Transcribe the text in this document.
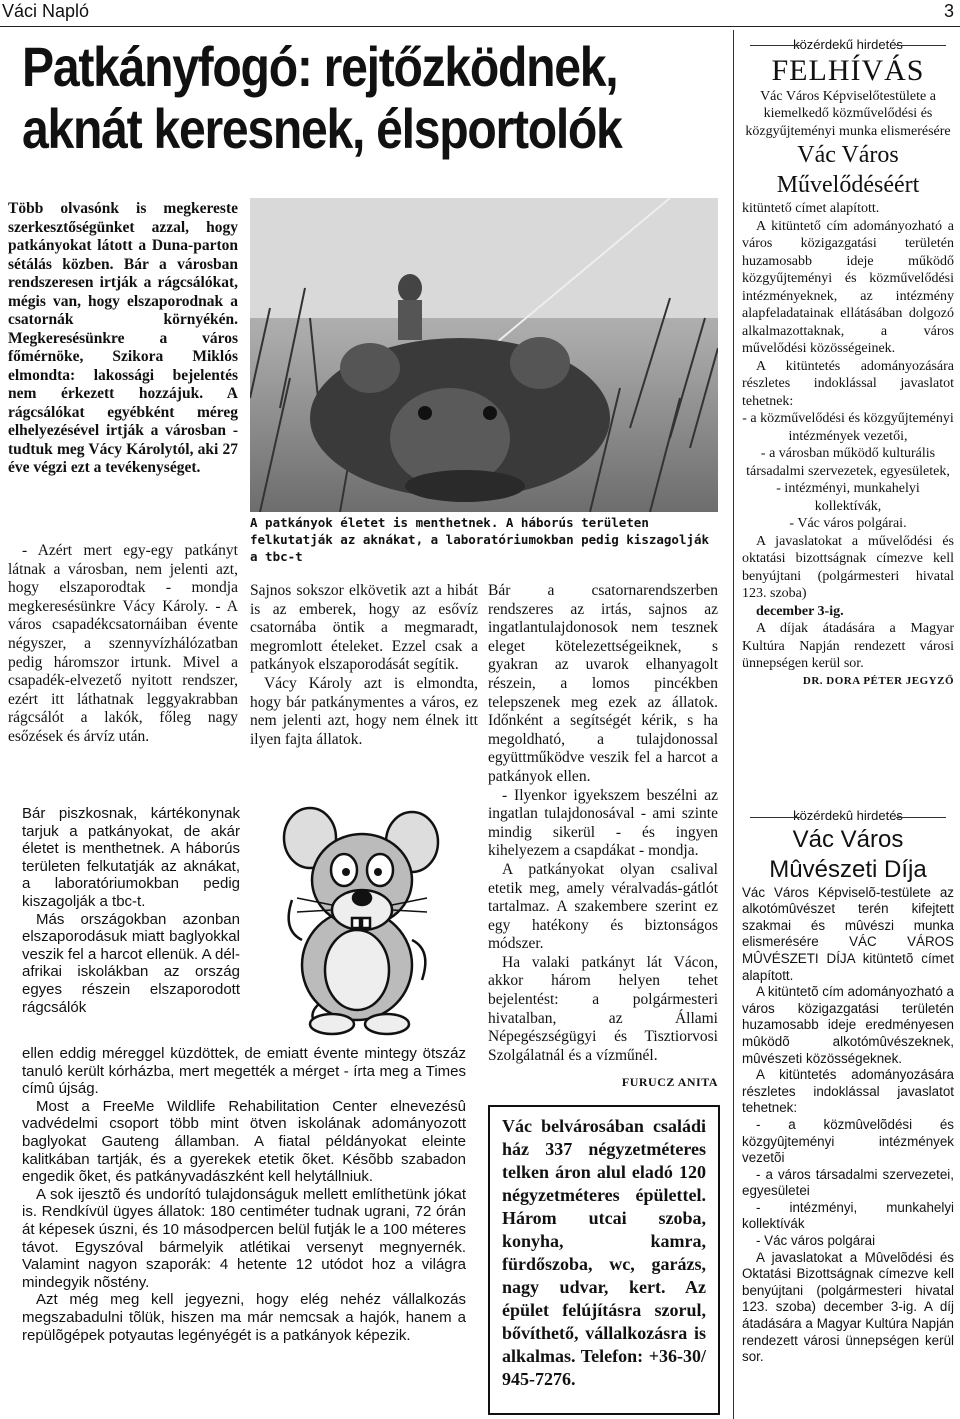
Váci Napló	3
Patkányfogó: rejtőzködnek,
aknát keresnek, élsportolók
Több olvasónk is megkereste szerkesztőségünket azzal, hogy patkányokat látott a Duna-parton sétálás közben. Bár a városban rendszeresen irtják a rágcsálókat, mégis van, hogy elszaporodnak a csatornák környékén. Megkeresésünkre a város főmérnöke, Szikora Miklós elmondta: lakossági bejelentés nem érkezett hozzájuk. A rágcsálókat egyébként méreg elhelyezésével irtják a városban - tudtuk meg Vácy Károlytól, aki 27 éve végzi ezt a tevékenységet.

- Azért mert egy-egy patkányt látnak a városban, nem jelenti azt, hogy elszaporodtak - mondja megkeresésünkre Vácy Károly. - A város csapadékcsatornáiban évente négyszer, a szennyvízhálózatban pedig háromszor irtunk. Mivel a csapadék-elvezető nyitott rendszer, ezért itt láthatnak leggyakrabban rágcsálót a lakók, főleg nagy esőzések és árvíz után.

A patkányok életet is menthetnek. A háborús területen felkutatják az aknákat, a laboratóriumokban pedig kiszagolják a tbc-t

Sajnos sokszor elkövetik azt a hibát is az emberek, hogy az esővíz csatornába öntik a megmaradt, megromlott ételeket. Ezzel csak a patkányok elszaporodását segítik.

Vácy Károly azt is elmondta, hogy bár patkánymentes a város, ez nem jelenti azt, hogy nem élnek itt ilyen fajta állatok.

Bár a csatornarendszerben rendszeres az irtás, sajnos az ingatlantulajdonosok nem tesznek eleget kötelezettségeiknek, s gyakran az uvarok elhanyagolt részein, a lomos pincékben telepszenek meg ezek az állatok. Időnként a segítségét kérik, s ha megoldható, a tulajdonossal együttműködve veszik fel a harcot a patkányok ellen.

- Ilyenkor igyekszem beszélni az ingatlan tulajdonosával - ami szinte mindig sikerül - és ingyen kihelyezem a csapdákat - mondja.

A patkányokat olyan csalival etetik meg, amely véralvadás-gátlót tartalmaz. A szakembere szerint ez egy hatékony és biztonságos módszer.

Ha valaki patkányt lát Vácon, akkor három helyen tehet bejelentést: a polgármesteri hivatalban, az Állami Népegészségügyi és Tisztiorvosi Szolgálatnál és a vízműnél.

FURUCZ ANITA

Bár piszkosnak, kártékonynak tarjuk a patkányokat, de akár életet is menthetnek. A háborús területen felkutatják az aknákat, a laboratóriumokban pedig kiszagolják a tbc-t.

Más országokban azonban elszaporodásuk miatt baglyokkal veszik fel a harcot ellenük. A dél-afrikai iskolákban az ország egyes részein elszaporodott rágcsálók

ellen eddig méreggel küzdöttek, de emiatt évente mintegy ötszáz tanuló került kórházba, mert megették a mérget - írta meg a Times címû újság.

Most a FreeMe Wildlife Rehabilitation Center elnevezésû vadvédelmi csoport több mint ötven iskolának adományozott baglyokat Gauteng államban. A fiatal példányokat eleinte kalitkában tartják, és a gyerekek etetik õket. Késõbb szabadon engedik õket, és patkányvadászként kell helytállniuk.

A sok ijesztõ és undorító tulajdonságuk mellett említhetünk jókat is. Rendkívül ügyes állatok: 180 centiméter tudnak ugrani, 72 órán át képesek úszni, és 10 másodpercen belül futják le a 100 méteres távot. Egyszóval bármelyik atlétikai versenyt megnyernék. Valamint nagyon szaporák: 4 hetente 12 utódot hoz a világra mindegyik nõstény.

Azt még meg kell jegyezni, hogy elég nehéz vállalkozás megszabadulni tõlük, hiszen ma már nemcsak a hajók, hanem a repülõgépek potyautas legényégét is a patkányok képezik.

Vác belvárosában családi ház 337 négyzetméteres telken áron alul eladó 120 négyzetméteres épülettel. Három utcai szoba, konyha, kamra, fürdőszoba, wc, garázs, nagy udvar, kert. Az épület felújításra szorul, bővíthető, vállalkozásra is alkalmas. Telefon: +36-30/ 945-7276.
közérdekű hirdetés

FELHÍVÁS

Vác Város Képviselőtestülete a kiemelkedő közművelődési és közgyűjteményi munka elismerésére

Vác Város

Művelődéséért

kitüntető címet alapított.

A kitüntető cím adományozható a város közigazgatási területén huzamosabb ideje működő közgyűjteményi és közművelődési intézményeknek, az intézmény alapfeladatainak ellátásában dolgozó alkalmazottaknak, a város művelődési közösségeinek.

A kitüntetés adományozására részletes indoklással javaslatot tehetnek:

- a közművelődési és közgyűjteményi intézmények vezetői,

- a városban működő kulturális társadalmi szervezetek, egyesületek,

- intézményi, munkahelyi kollektívák,

- Vác város polgárai.

A javaslatokat a művelődési és oktatási bizottságnak címezve kell benyújtani (polgármesteri hivatal 123. szoba)

december 3-ig.

A díjak átadására a Magyar Kultúra Napján rendezett városi ünnepségen kerül sor.

DR. DORA PÉTER JEGYZŐ

közérdekû hirdetés

Vác Város

Mûvészeti Díja

Vác Város Képviselõ-testülete az alkotómûvészet terén kifejtett szakmai és mûvészi munka elismerésére VÁC VÁROS MÛVÉSZETI DÍJA kitüntetõ címet alapított.

A kitüntetõ cím adományozható a város közigazgatási területén huzamosabb ideje eredményesen mûködõ alkotómûvészeknek, mûvészeti közösségeknek.

A kitüntetés adományozására részletes indoklással javaslatot tehetnek:

- a közmûvelõdési és közgyûjteményi intézmények vezetõi

- a város társadalmi szervezetei, egyesületei

- intézményi, munkahelyi kollektívák

- Vác város polgárai

A javaslatokat a Mûvelõdési és Oktatási Bizottságnak címezve kell benyújtani (polgármesteri hivatal 123. szoba) december 3-ig. A díj átadására a Magyar Kultúra Napján rendezett városi ünnepségen kerül sor.
